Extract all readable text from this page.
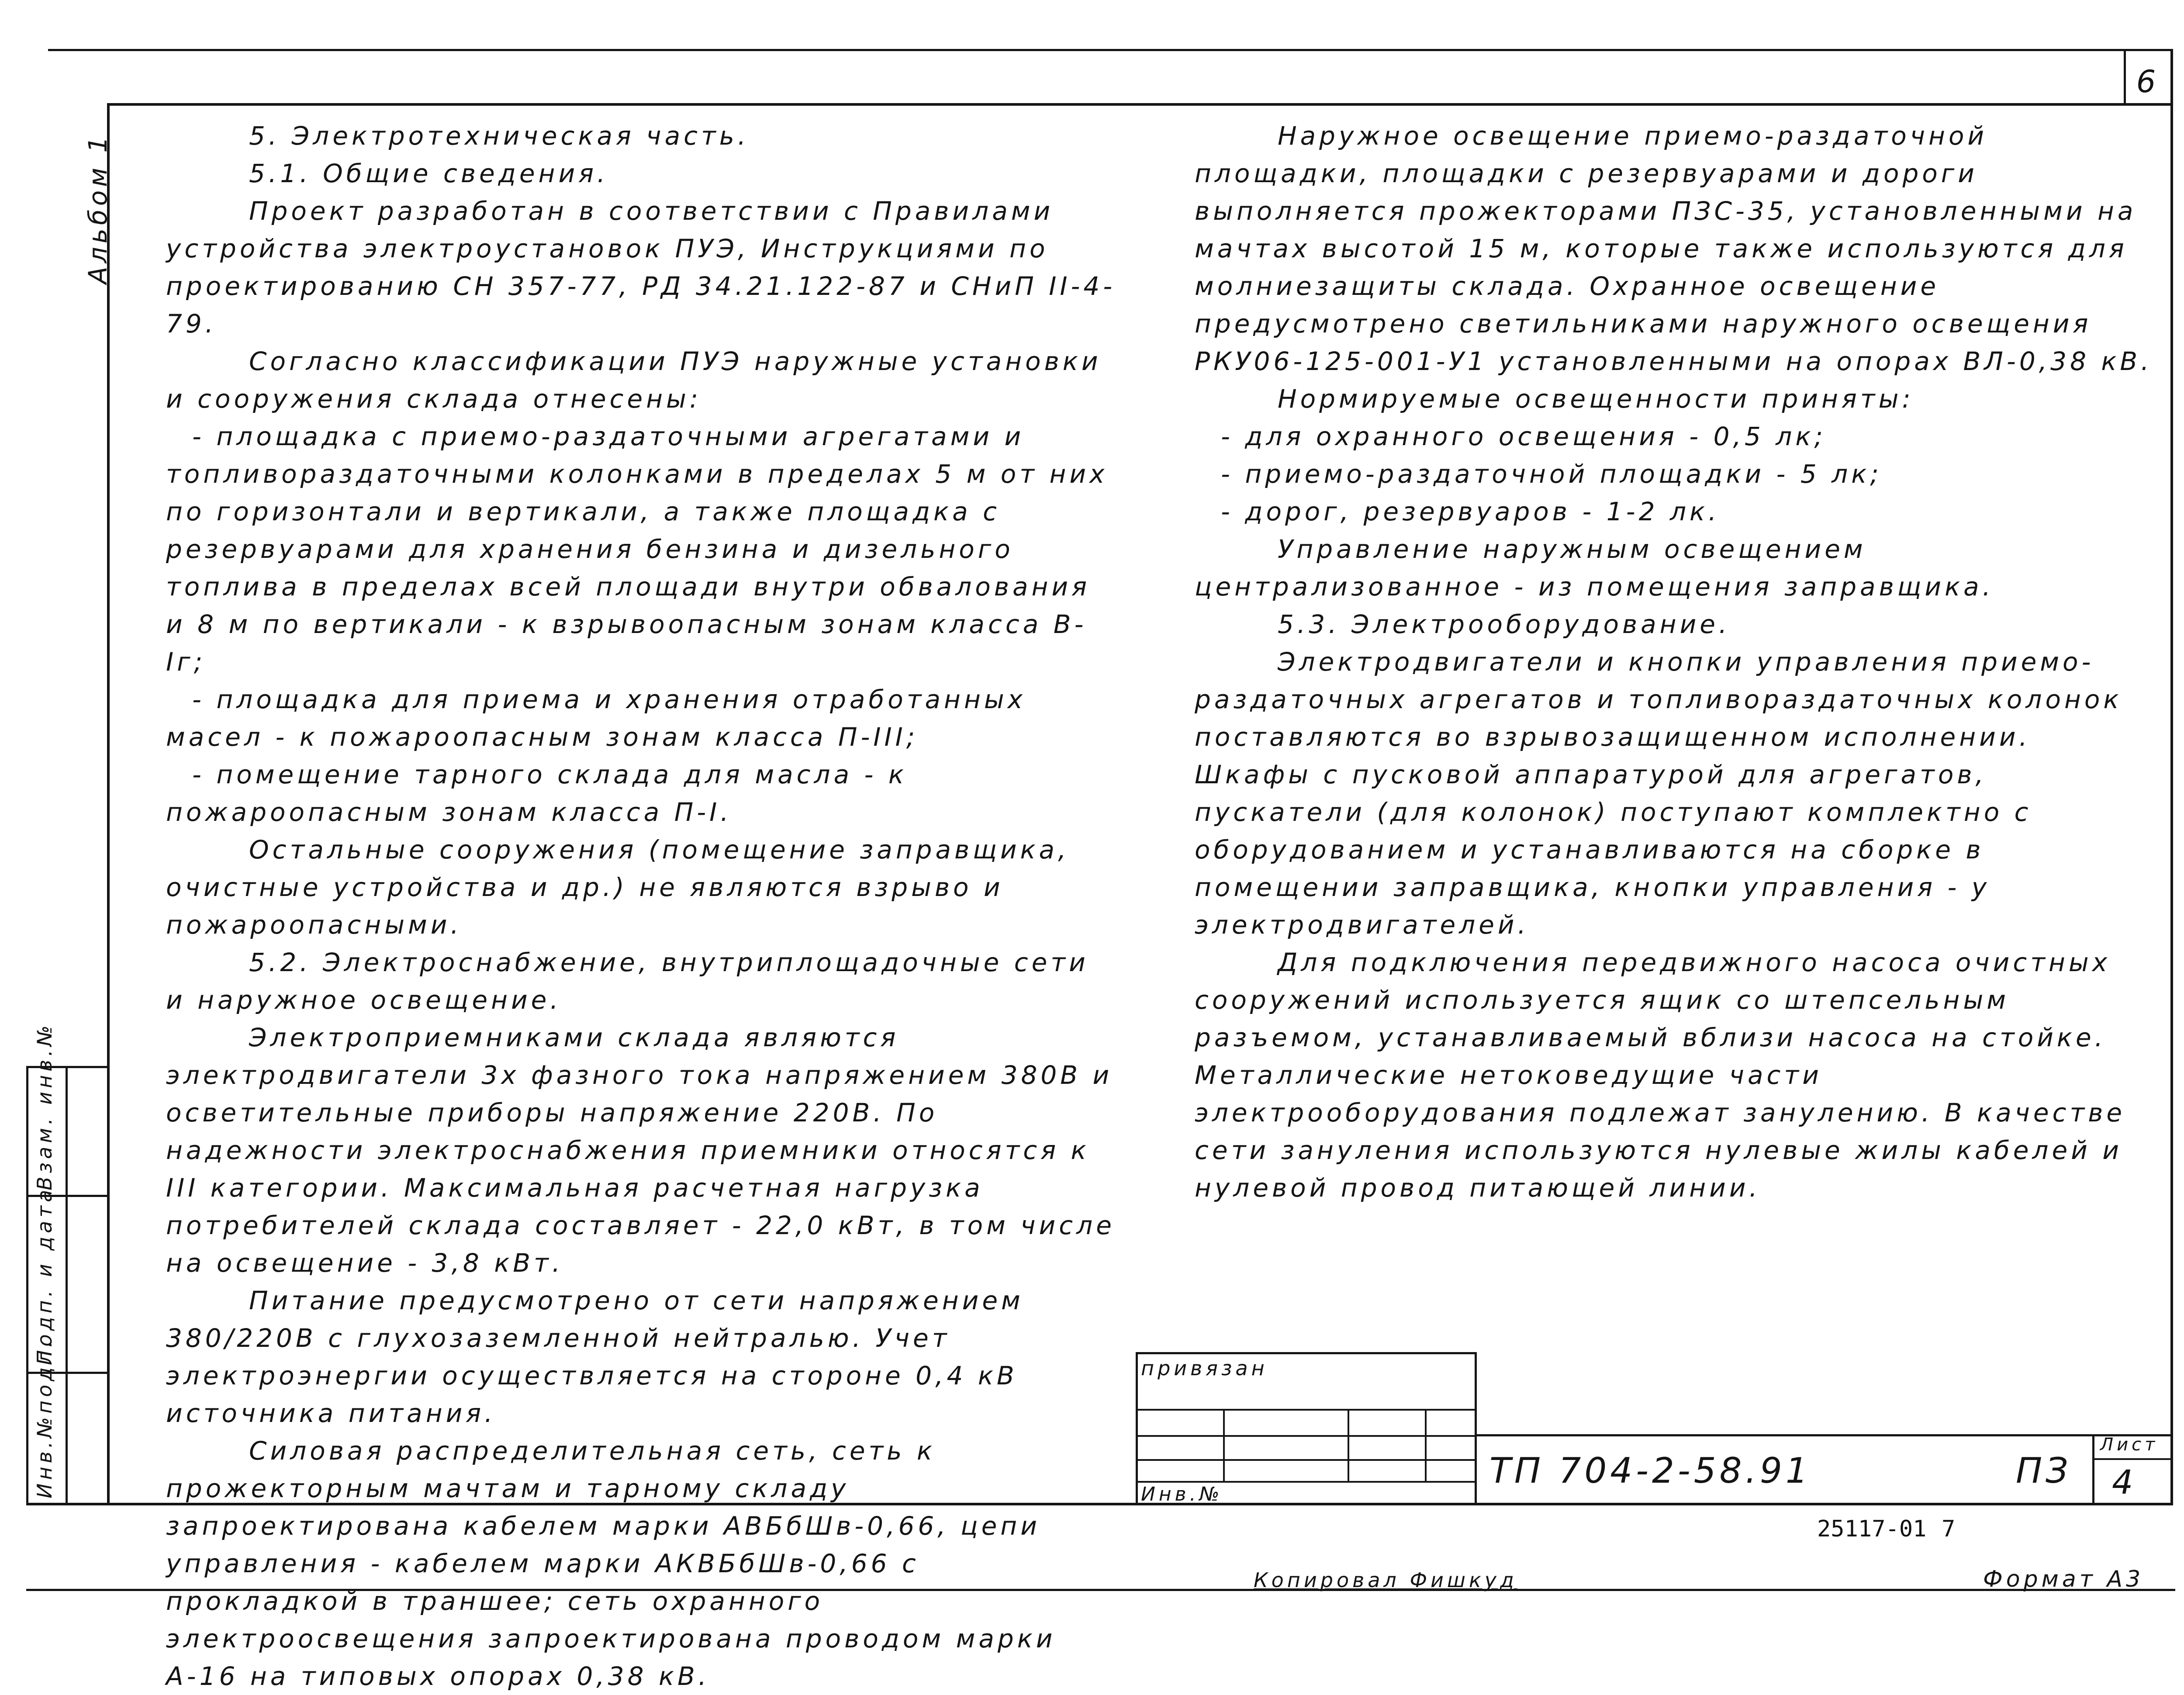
6
Альбом 1
Инв.№подл.
Подп. и дата
Взам. инв.№

5. Электротехническая часть.

5.1. Общие сведения.

Проект разработан в соответствии с Правилами устройства электроустановок ПУЭ, Инструкциями по проектированию СН 357-77, РД 34.21.122-87 и СНиП II-4-79.

Согласно классификации ПУЭ наружные установки и сооружения склада отнесены:

- площадка с приемо-раздаточными агрегатами и топливораздаточными колонками в пределах 5 м от них по горизонтали и вертикали, а также площадка с резервуарами для хранения бензина и дизельного топлива в пределах всей площади внутри обвалования и 8 м по вертикали - к взрывоопасным зонам класса В-Iг;

- площадка для приема и хранения отработанных масел - к пожароопасным зонам класса П-III;

- помещение тарного склада для масла - к пожароопасным зонам класса П-I.

Остальные сооружения (помещение заправщика, очистные устройства и др.) не являются взрыво и пожароопасными.

5.2. Электроснабжение, внутриплощадочные сети и наружное освещение.

Электроприемниками склада являются электродвигатели 3х фазного тока напряжением 380В и осветительные приборы напряжение 220В. По надежности электроснабжения приемники относятся к III категории. Максимальная расчетная нагрузка потребителей склада составляет - 22,0 кВт, в том числе на освещение - 3,8 кВт.

Питание предусмотрено от сети напряжением 380/220В с глухозаземленной нейтралью. Учет электроэнергии осуществляется на стороне 0,4 кВ источника питания.

Силовая распределительная сеть, сеть к прожекторным мачтам и тарному складу запроектирована кабелем марки АВБбШв-0,66, цепи управления - кабелем марки АКВБбШв-0,66 с прокладкой в траншее; сеть охранного электроосвещения запроектирована проводом марки А-16 на типовых опорах 0,38 кВ.

Наружное освещение приемо-раздаточной площадки, площадки с резервуарами и дороги выполняется прожекторами ПЗС-35, установленными на мачтах высотой 15 м, которые также используются для молниезащиты склада. Охранное освещение предусмотрено светильниками наружного освещения РКУ06-125-001-У1 установленными на опорах ВЛ-0,38 кВ.

Нормируемые освещенности приняты:

- для охранного освещения - 0,5 лк;

- приемо-раздаточной площадки - 5 лк;

- дорог, резервуаров - 1-2 лк.

Управление наружным освещением централизованное - из помещения заправщика.

5.3. Электрооборудование.

Электродвигатели и кнопки управления приемо-раздаточных агрегатов и топливораздаточных колонок поставляются во взрывозащищенном исполнении. Шкафы с пусковой аппаратурой для агрегатов, пускатели (для колонок) поступают комплектно с оборудованием и устанавливаются на сборке в помещении заправщика, кнопки управления - у электродвигателей.

Для подключения передвижного насоса очистных сооружений используется ящик со штепсельным разъемом, устанавливаемый вблизи насоса на стойке. Металлические нетоковедущие части электрооборудования подлежат занулению. В качестве сети зануления используются нулевые жилы кабелей и нулевой провод питающей линии.

привязан
Инв.№
ТП 704-2-58.91	ПЗ
Лист
4
25117-01 7
Копировал Фишкуд	Формат А3
